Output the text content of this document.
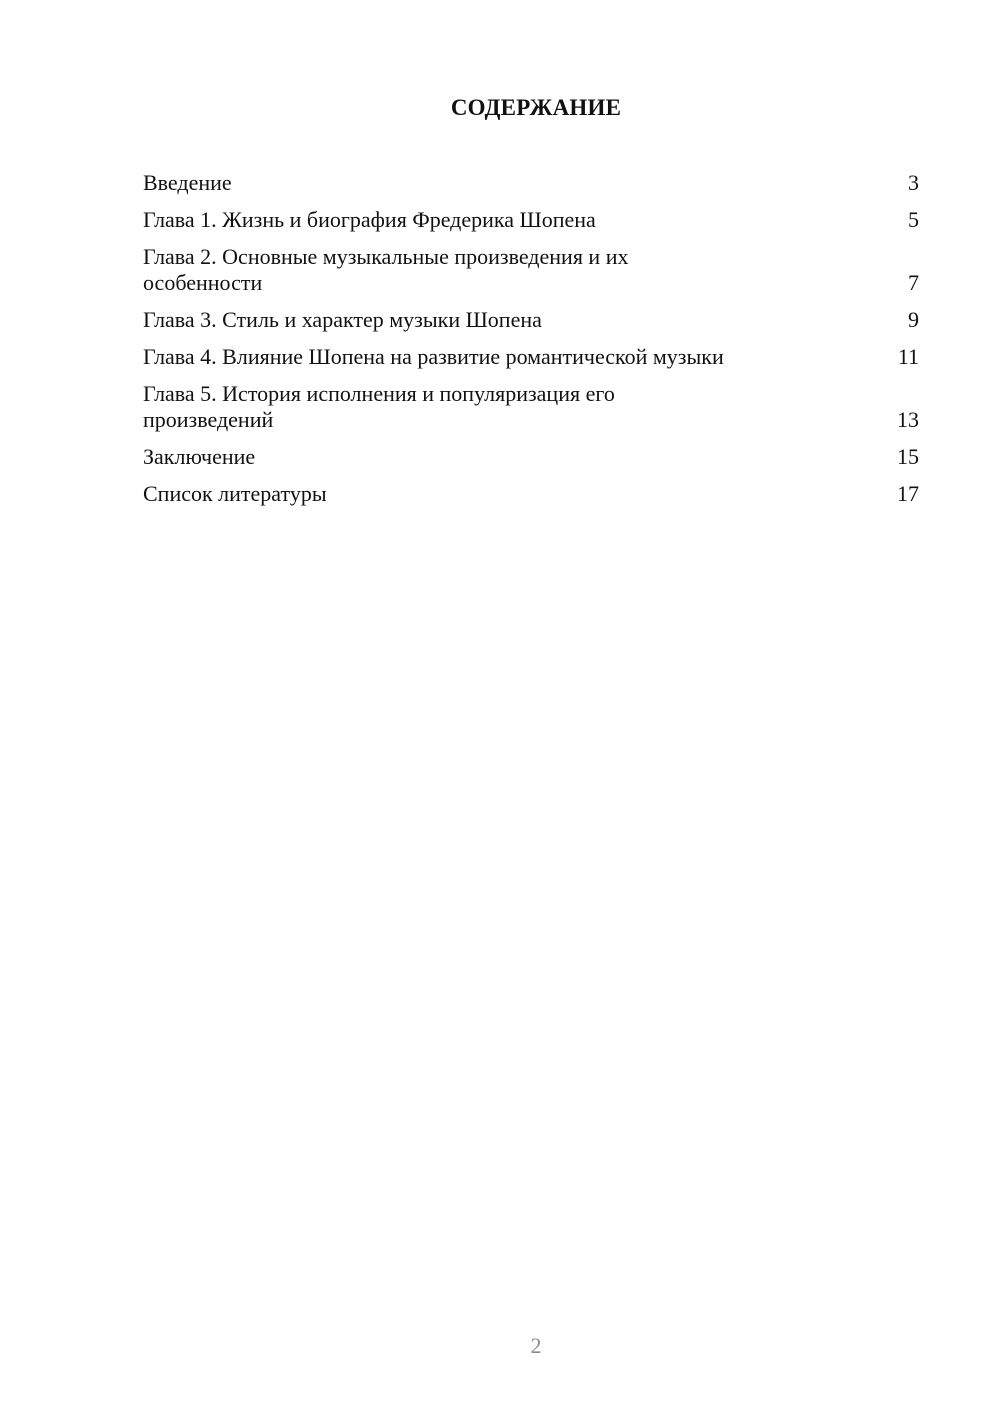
СОДЕРЖАНИЕ
Введение	3
Глава 1. Жизнь и биография Фредерика Шопена	5
Глава 2. Основные музыкальные произведения и их особенности	7
Глава 3. Стиль и характер музыки Шопена	9
Глава 4. Влияние Шопена на развитие романтической музыки	11
Глава 5. История исполнения и популяризация его произведений	13
Заключение	15
Список литературы	17
2
